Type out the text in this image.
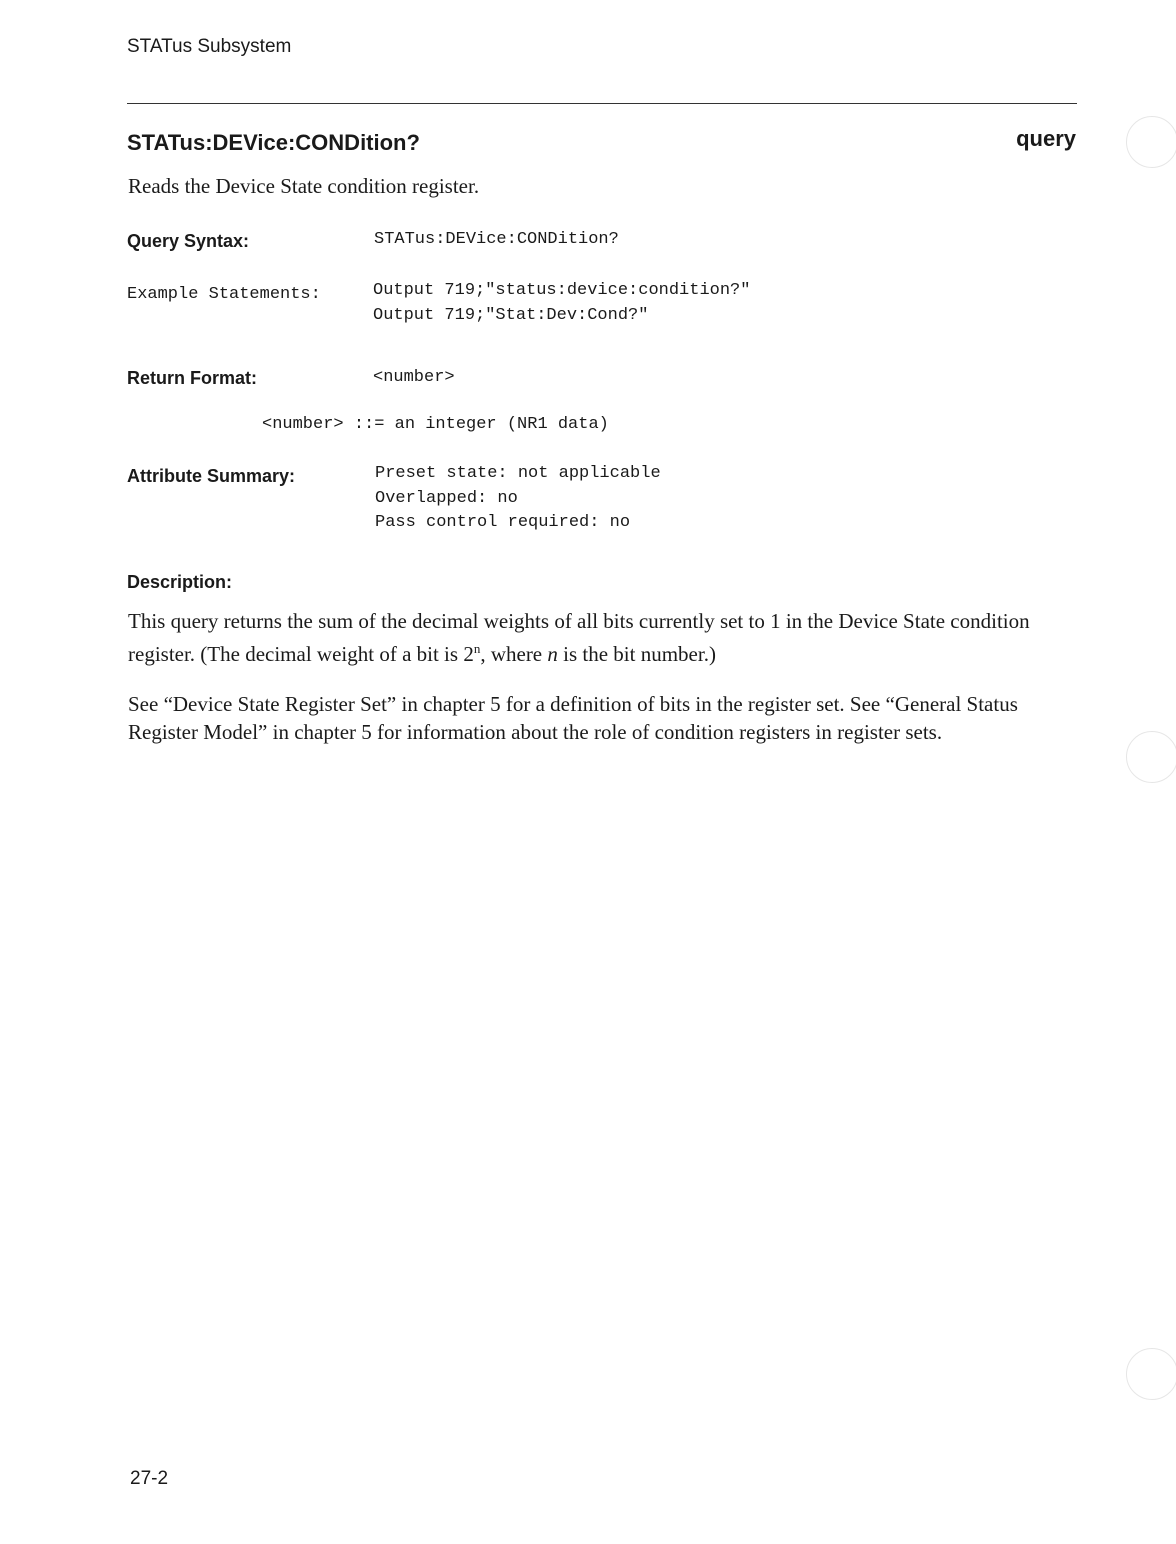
STATus Subsystem
STATus:DEVice:CONDition?	query
Reads the Device State condition register.
Query Syntax:	STATus:DEVice:CONDition?
Example Statements:	Output 719;"status:device:condition?"
Output 719;"Stat:Dev:Cond?"
Return Format:	<number>
<number> ::= an integer (NR1 data)
Attribute Summary:	Preset state: not applicable
Overlapped: no
Pass control required: no
Description:
This query returns the sum of the decimal weights of all bits currently set to 1 in the Device State condition register. (The decimal weight of a bit is 2$^n$, where n is the bit number.)
See “Device State Register Set” in chapter 5 for a definition of bits in the register set. See “General Status Register Model” in chapter 5 for information about the role of condition registers in register sets.
27-2
